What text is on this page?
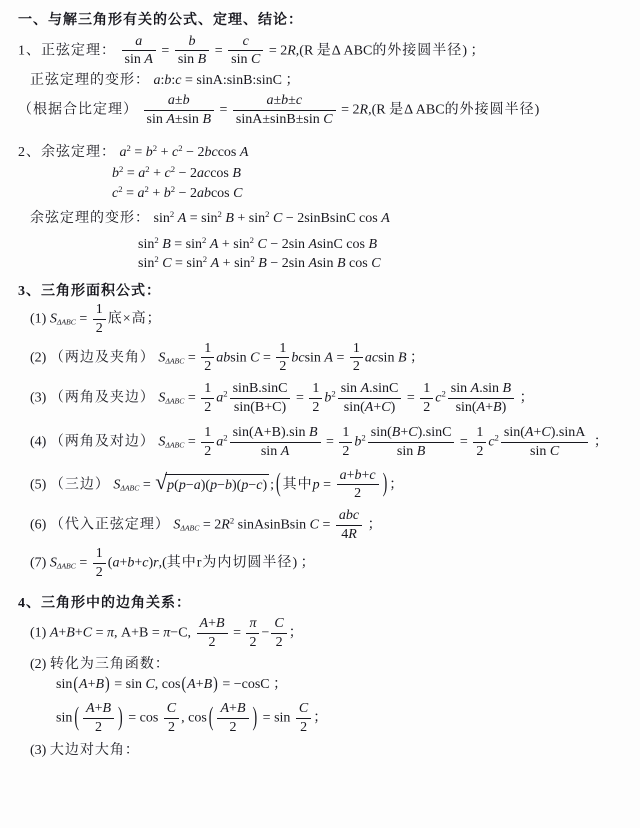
一、与解三角形有关的公式、定理、结论：
1、正弦定理： $\frac{a}{\text{sin A}} = \frac{b}{\text{sin B}} = \frac{c}{\text{sin C}} = 2R,(R$ 是Δ ABC的外接圆半径) ；
正弦定理的变形： a:b:c = sinA:sinB:sinC ；
（根据合比定理） $\frac{a\pm b}{\text{sin A±sin B}} = \frac{a\pm b\pm c}{\text{sinA±sinB±sin C}} = 2R,(R$ 是Δ ABC的外接圆半径)
2、余弦定理： $a^2 = b^2 + c^2 - 2bccos$ A
$b^2 = a^2 + c^2 - 2accos$ B
$c^2 = a^2 + b^2 - 2abcos$ C
余弦定理的变形： $\sin^2 A = \sin^2 B + \sin^2 C$ − 2sinBsinC cos A
$\sin^2 B = \sin^2 A + \sin^2 C - 2\sin$ AsinC cos B
$\sin^2 C = \sin^2 A + \sin^2 B - 2\sin$ Asin B cos C
3、三角形面积公式：
(1) $S\Delta ABC = \frac{1}{2}$ 底×高；
(2) （两边及夹角） $S\Delta ABC = \frac{1}{2}$ absin $C = \frac{1}{2}$ bcsin $A = \frac{1}{2}$ acsin B ；
(3) （两角及夹边） $S\Delta ABC = \frac{1}{2} a^2 \frac{\sin B.\sin C}{\sin(B+C)} = \frac{1}{2} b^2 \frac{\text{sin A.sinC}}{\sin(A+C)} = \frac{1}{2} c^2 \frac{\text{sin A.sin B}}{\sin(A+B)}$ ；
(4) （两角及对边） $S\Delta ABC = \frac{1}{2} a^2 \frac{\text{sin(A+B).sin B}}{\text{sin A}} = \frac{1}{2} b^2 \frac{\sin(B+C).\sin C}{\text{sin B}} = \frac{1}{2} c^2 \frac{\sin(A+C).\sin A}{\text{sin C}}$ ；
(5) （三边） SΔABC = √ p(p−a)(p−b)(p−c) ; ( 其中$p = \frac{a+b+c}{2}$ ) ；
(6) （代入正弦定理） $S\Delta ABC = 2R^2$ sinAsinBsin C =
abc
4R
；
(7) $S\Delta ABC = \frac{1}{2} (a+b+c)r$,(其中r为内切圆半径) ；
4、三角形中的边角关系：
(1) A+B+C = π, A+B = π−C, $\frac{A+B}{2} = \frac{\pi}{2} - \frac{C}{2}$ ；
(2) 转化为三角函数：
sin(A+B) = sin C, cos(A+B) = −cosC ；
sin ( $\frac{A+B}{2}$ ) = $\cos \frac{C}{2}$ , cos ( $\frac{A+B}{2}$ ) = $\sin \frac{C}{2}$ ；
(3) 大边对大角：
